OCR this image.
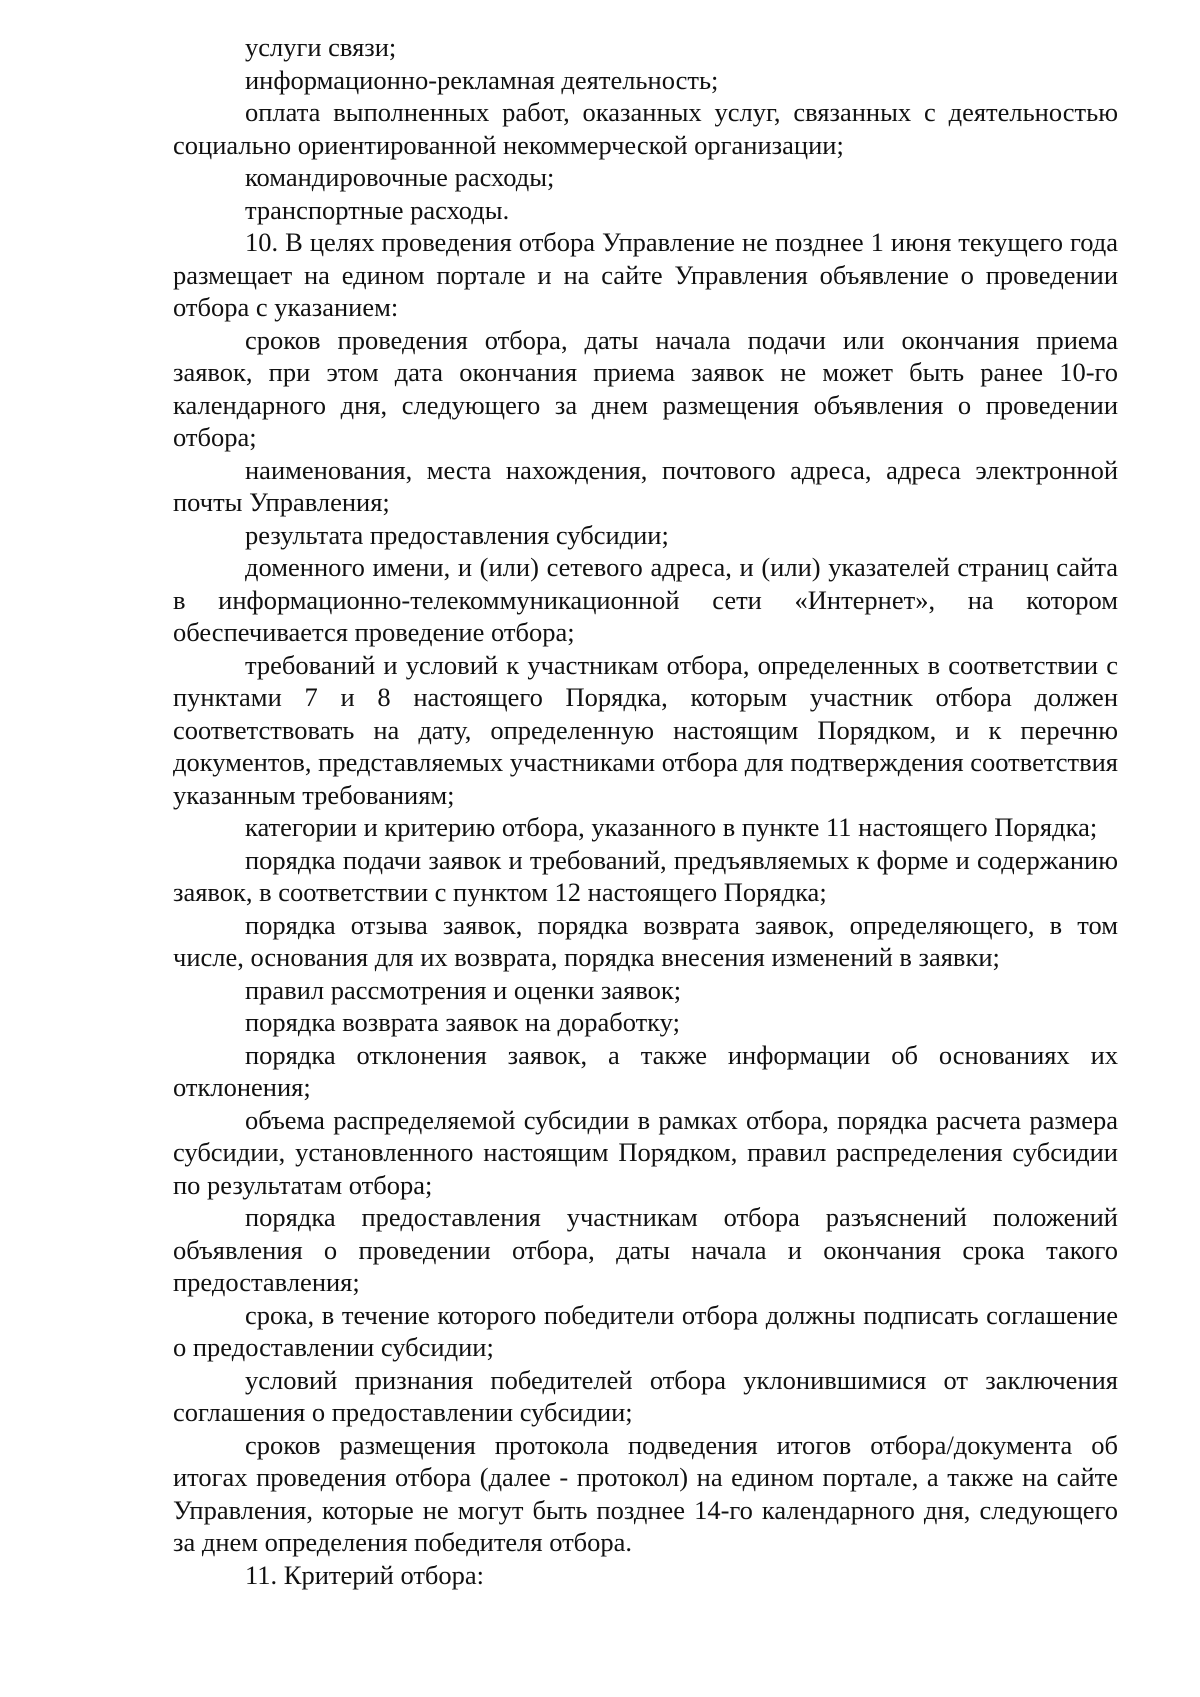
услуги связи;

информационно-рекламная деятельность;

оплата выполненных работ, оказанных услуг, связанных с деятельностью социально ориентированной некоммерческой организации;

командировочные расходы;

транспортные расходы.

10. В целях проведения отбора Управление не позднее 1 июня текущего года размещает на едином портале и на сайте Управления объявление о проведении отбора с указанием:

сроков проведения отбора, даты начала подачи или окончания приема заявок, при этом дата окончания приема заявок не может быть ранее 10-го календарного дня, следующего за днем размещения объявления о проведении отбора;

наименования, места нахождения, почтового адреса, адреса электронной почты Управления;

результата предоставления субсидии;

доменного имени, и (или) сетевого адреса, и (или) указателей страниц сайта в информационно-телекоммуникационной сети «Интернет», на котором обеспечивается проведение отбора;

требований и условий к участникам отбора, определенных в соответствии с пунктами 7 и 8 настоящего Порядка, которым участник отбора должен соответствовать на дату, определенную настоящим Порядком, и к перечню документов, представляемых участниками отбора для подтверждения соответствия указанным требованиям;

категории и критерию отбора, указанного в пункте 11 настоящего Порядка;

порядка подачи заявок и требований, предъявляемых к форме и содержанию заявок, в соответствии с пунктом 12 настоящего Порядка;

порядка отзыва заявок, порядка возврата заявок, определяющего, в том числе, основания для их возврата, порядка внесения изменений в заявки;

правил рассмотрения и оценки заявок;

порядка возврата заявок на доработку;

порядка отклонения заявок, а также информации об основаниях их отклонения;

объема распределяемой субсидии в рамках отбора, порядка расчета размера субсидии, установленного настоящим Порядком, правил распределения субсидии по результатам отбора;

порядка предоставления участникам отбора разъяснений положений объявления о проведении отбора, даты начала и окончания срока такого предоставления;

срока, в течение которого победители отбора должны подписать соглашение о предоставлении субсидии;

условий признания победителей отбора уклонившимися от заключения соглашения о предоставлении субсидии;

сроков размещения протокола подведения итогов отбора/документа об итогах проведения отбора (далее - протокол) на едином портале, а также на сайте Управления, которые не могут быть позднее 14-го календарного дня, следующего за днем определения победителя отбора.

11. Критерий отбора:
